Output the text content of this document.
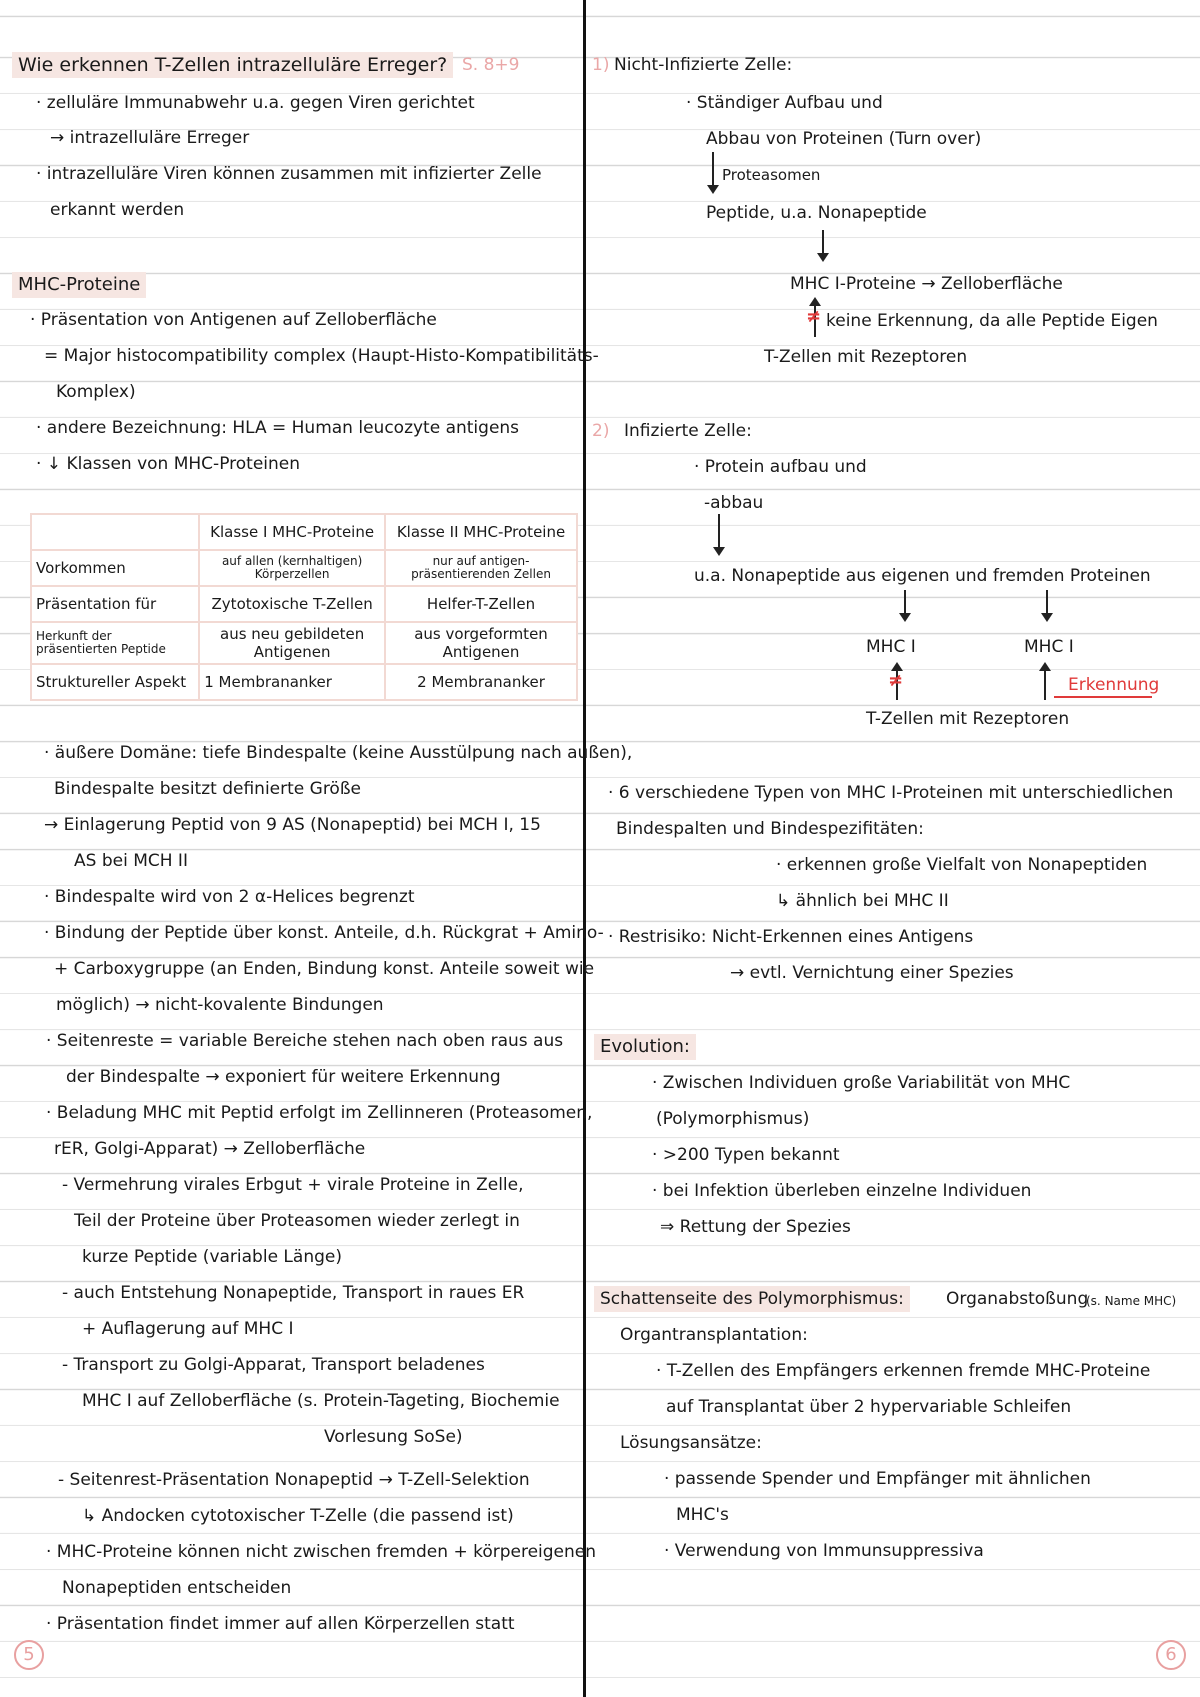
Wie erkennen T-Zellen intrazelluläre Erreger? S. 8+9
· zelluläre Immunabwehr u.a. gegen Viren gerichtet
→ intrazelluläre Erreger
· intrazelluläre Viren können zusammen mit infizierter Zelle
erkannt werden
MHC-Proteine
· Präsentation von Antigenen auf Zelloberfläche
= Major histocompatibility complex (Haupt-Histo-Kompatibilitäts-
Komplex)
· andere Bezeichnung: HLA = Human leucozyte antigens
· ↓ Klassen von MHC-Proteinen
	Klasse I MHC-Proteine	Klasse II MHC-Proteine
Vorkommen	auf allen (kernhaltigen) Körperzellen	nur auf antigen-präsentierenden Zellen
Präsentation für	Zytotoxische T-Zellen	Helfer-T-Zellen
Herkunft der präsentierten Peptide	aus neu gebildeten Antigenen	aus vorgeformten Antigenen
Struktureller Aspekt	1 Membrananker	2 Membrananker
· äußere Domäne: tiefe Bindespalte (keine Ausstülpung nach außen),
Bindespalte besitzt definierte Größe
→ Einlagerung Peptid von 9 AS (Nonapeptid) bei MCH I, 15
AS bei MCH II
· Bindespalte wird von 2 α-Helices begrenzt
· Bindung der Peptide über konst. Anteile, d.h. Rückgrat + Amino-
+ Carboxygruppe (an Enden, Bindung konst. Anteile soweit wie
möglich) → nicht-kovalente Bindungen
· Seitenreste = variable Bereiche stehen nach oben raus aus
der Bindespalte → exponiert für weitere Erkennung
· Beladung MHC mit Peptid erfolgt im Zellinneren (Proteasomen,
rER, Golgi-Apparat) → Zelloberfläche
- Vermehrung virales Erbgut + virale Proteine in Zelle,
Teil der Proteine über Proteasomen wieder zerlegt in
kurze Peptide (variable Länge)
- auch Entstehung Nonapeptide, Transport in raues ER
+ Auflagerung auf MHC I
- Transport zu Golgi-Apparat, Transport beladenes
MHC I auf Zelloberfläche (s. Protein-Tageting, Biochemie
Vorlesung SoSe)
- Seitenrest-Präsentation Nonapeptid → T-Zell-Selektion
↳ Andocken cytotoxischer T-Zelle (die passend ist)
· MHC-Proteine können nicht zwischen fremden + körpereigenen
Nonapeptiden entscheiden
· Präsentation findet immer auf allen Körperzellen statt
5
1) Nicht-Infizierte Zelle:
· Ständiger Aufbau und
Abbau von Proteinen (Turn over)
Proteasomen
Peptide, u.a. Nonapeptide
MHC I-Proteine → Zelloberfläche
≠ keine Erkennung, da alle Peptide Eigen
T-Zellen mit Rezeptoren
2) Infizierte Zelle:
· Protein aufbau und
-abbau
u.a. Nonapeptide aus eigenen und fremden Proteinen
MHC I	MHC I
≠	Erkennung
T-Zellen mit Rezeptoren
· 6 verschiedene Typen von MHC I-Proteinen mit unterschiedlichen
Bindespalten und Bindespezifitäten:
· erkennen große Vielfalt von Nonapeptiden
↳ ähnlich bei MHC II
· Restrisiko: Nicht-Erkennen eines Antigens
→ evtl. Vernichtung einer Spezies
Evolution:
· Zwischen Individuen große Variabilität von MHC
(Polymorphismus)
· >200 Typen bekannt
· bei Infektion überleben einzelne Individuen
⇒ Rettung der Spezies
Schattenseite des Polymorphismus:	Organabstoßung
(s. Name MHC)
Organtransplantation:
· T-Zellen des Empfängers erkennen fremde MHC-Proteine
auf Transplantat über 2 hypervariable Schleifen
Lösungsansätze:
· passende Spender und Empfänger mit ähnlichen
MHC's
· Verwendung von Immunsuppressiva
6
